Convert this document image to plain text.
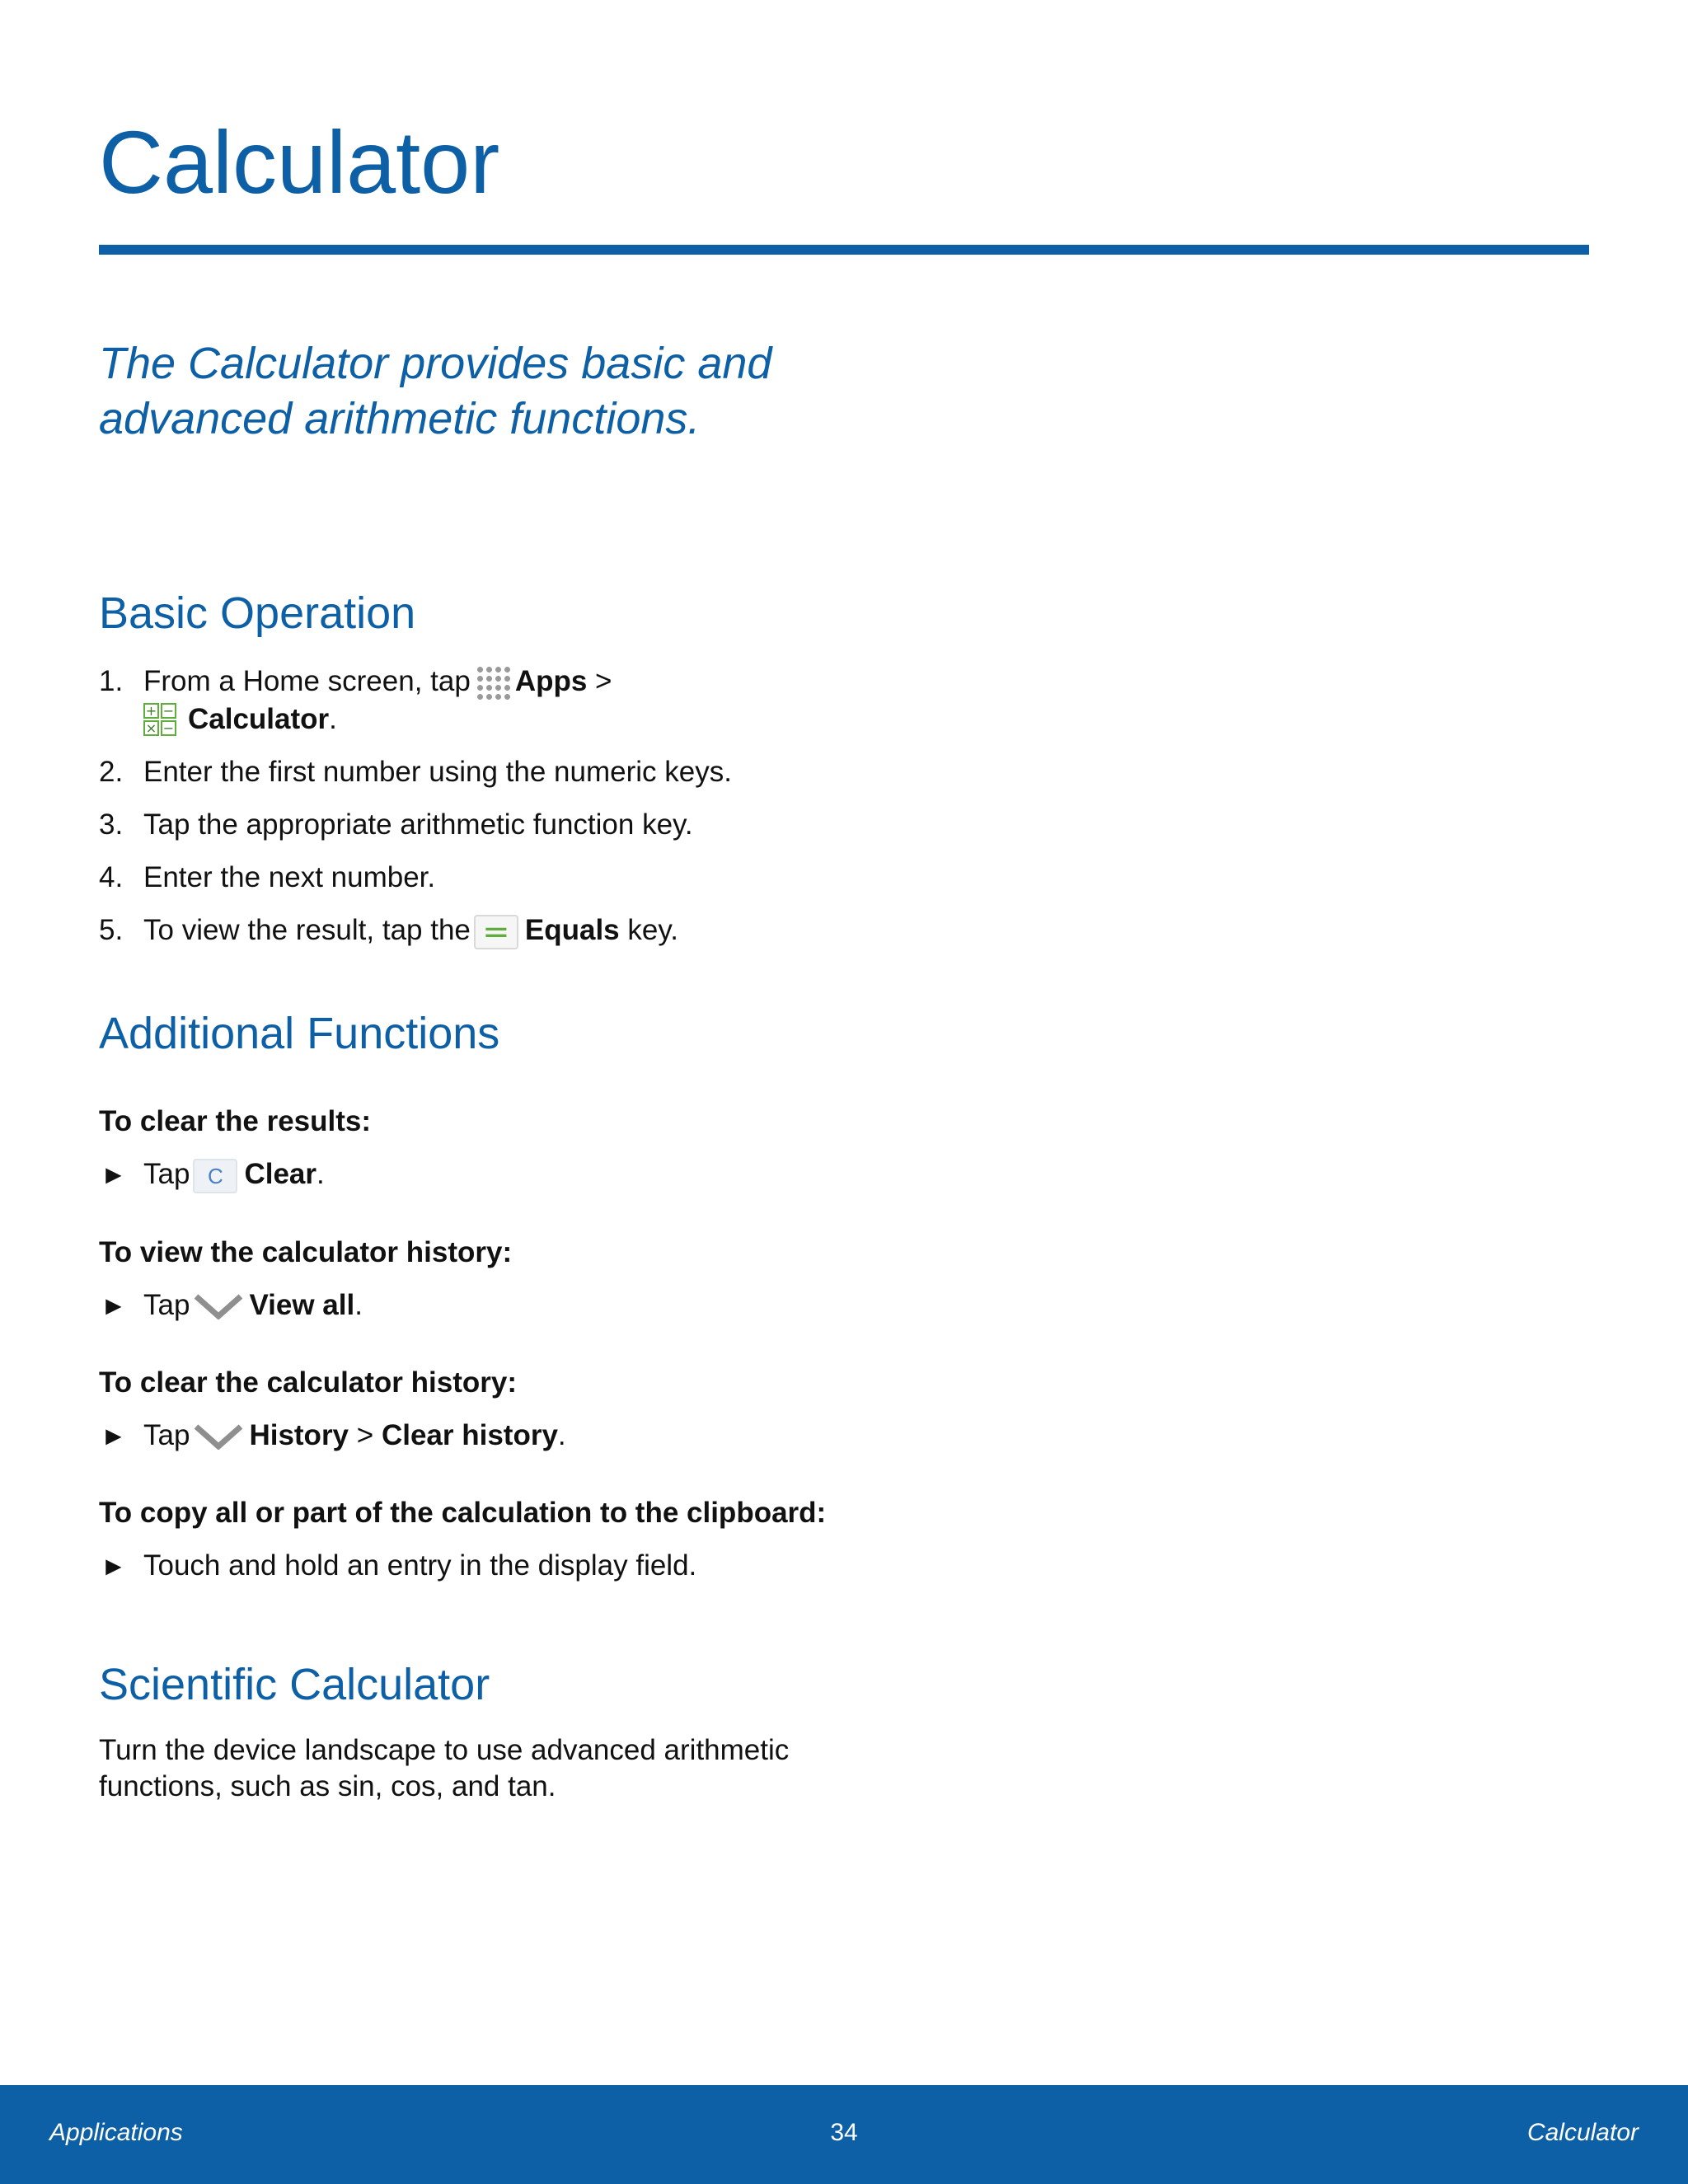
Calculator

The Calculator provides basic and advanced arithmetic functions.

Basic Operation
1. From a Home screen, tap Apps >

+ −
× − Calculator.
2. Enter the first number using the numeric keys.
3. Tap the appropriate arithmetic function key.
4. Enter the next number.
5. To view the result, tap the = Equals key.
Additional Functions

To clear the results:

► Tap C Clear.

To view the calculator history:

► Tap View all.

To clear the calculator history:

► Tap History > Clear history.

To copy all or part of the calculation to the clipboard:

► Touch and hold an entry in the display field.

Scientific Calculator

Turn the device landscape to use advanced arithmetic functions, such as sin, cos, and tan.

Applications	34	Calculator
